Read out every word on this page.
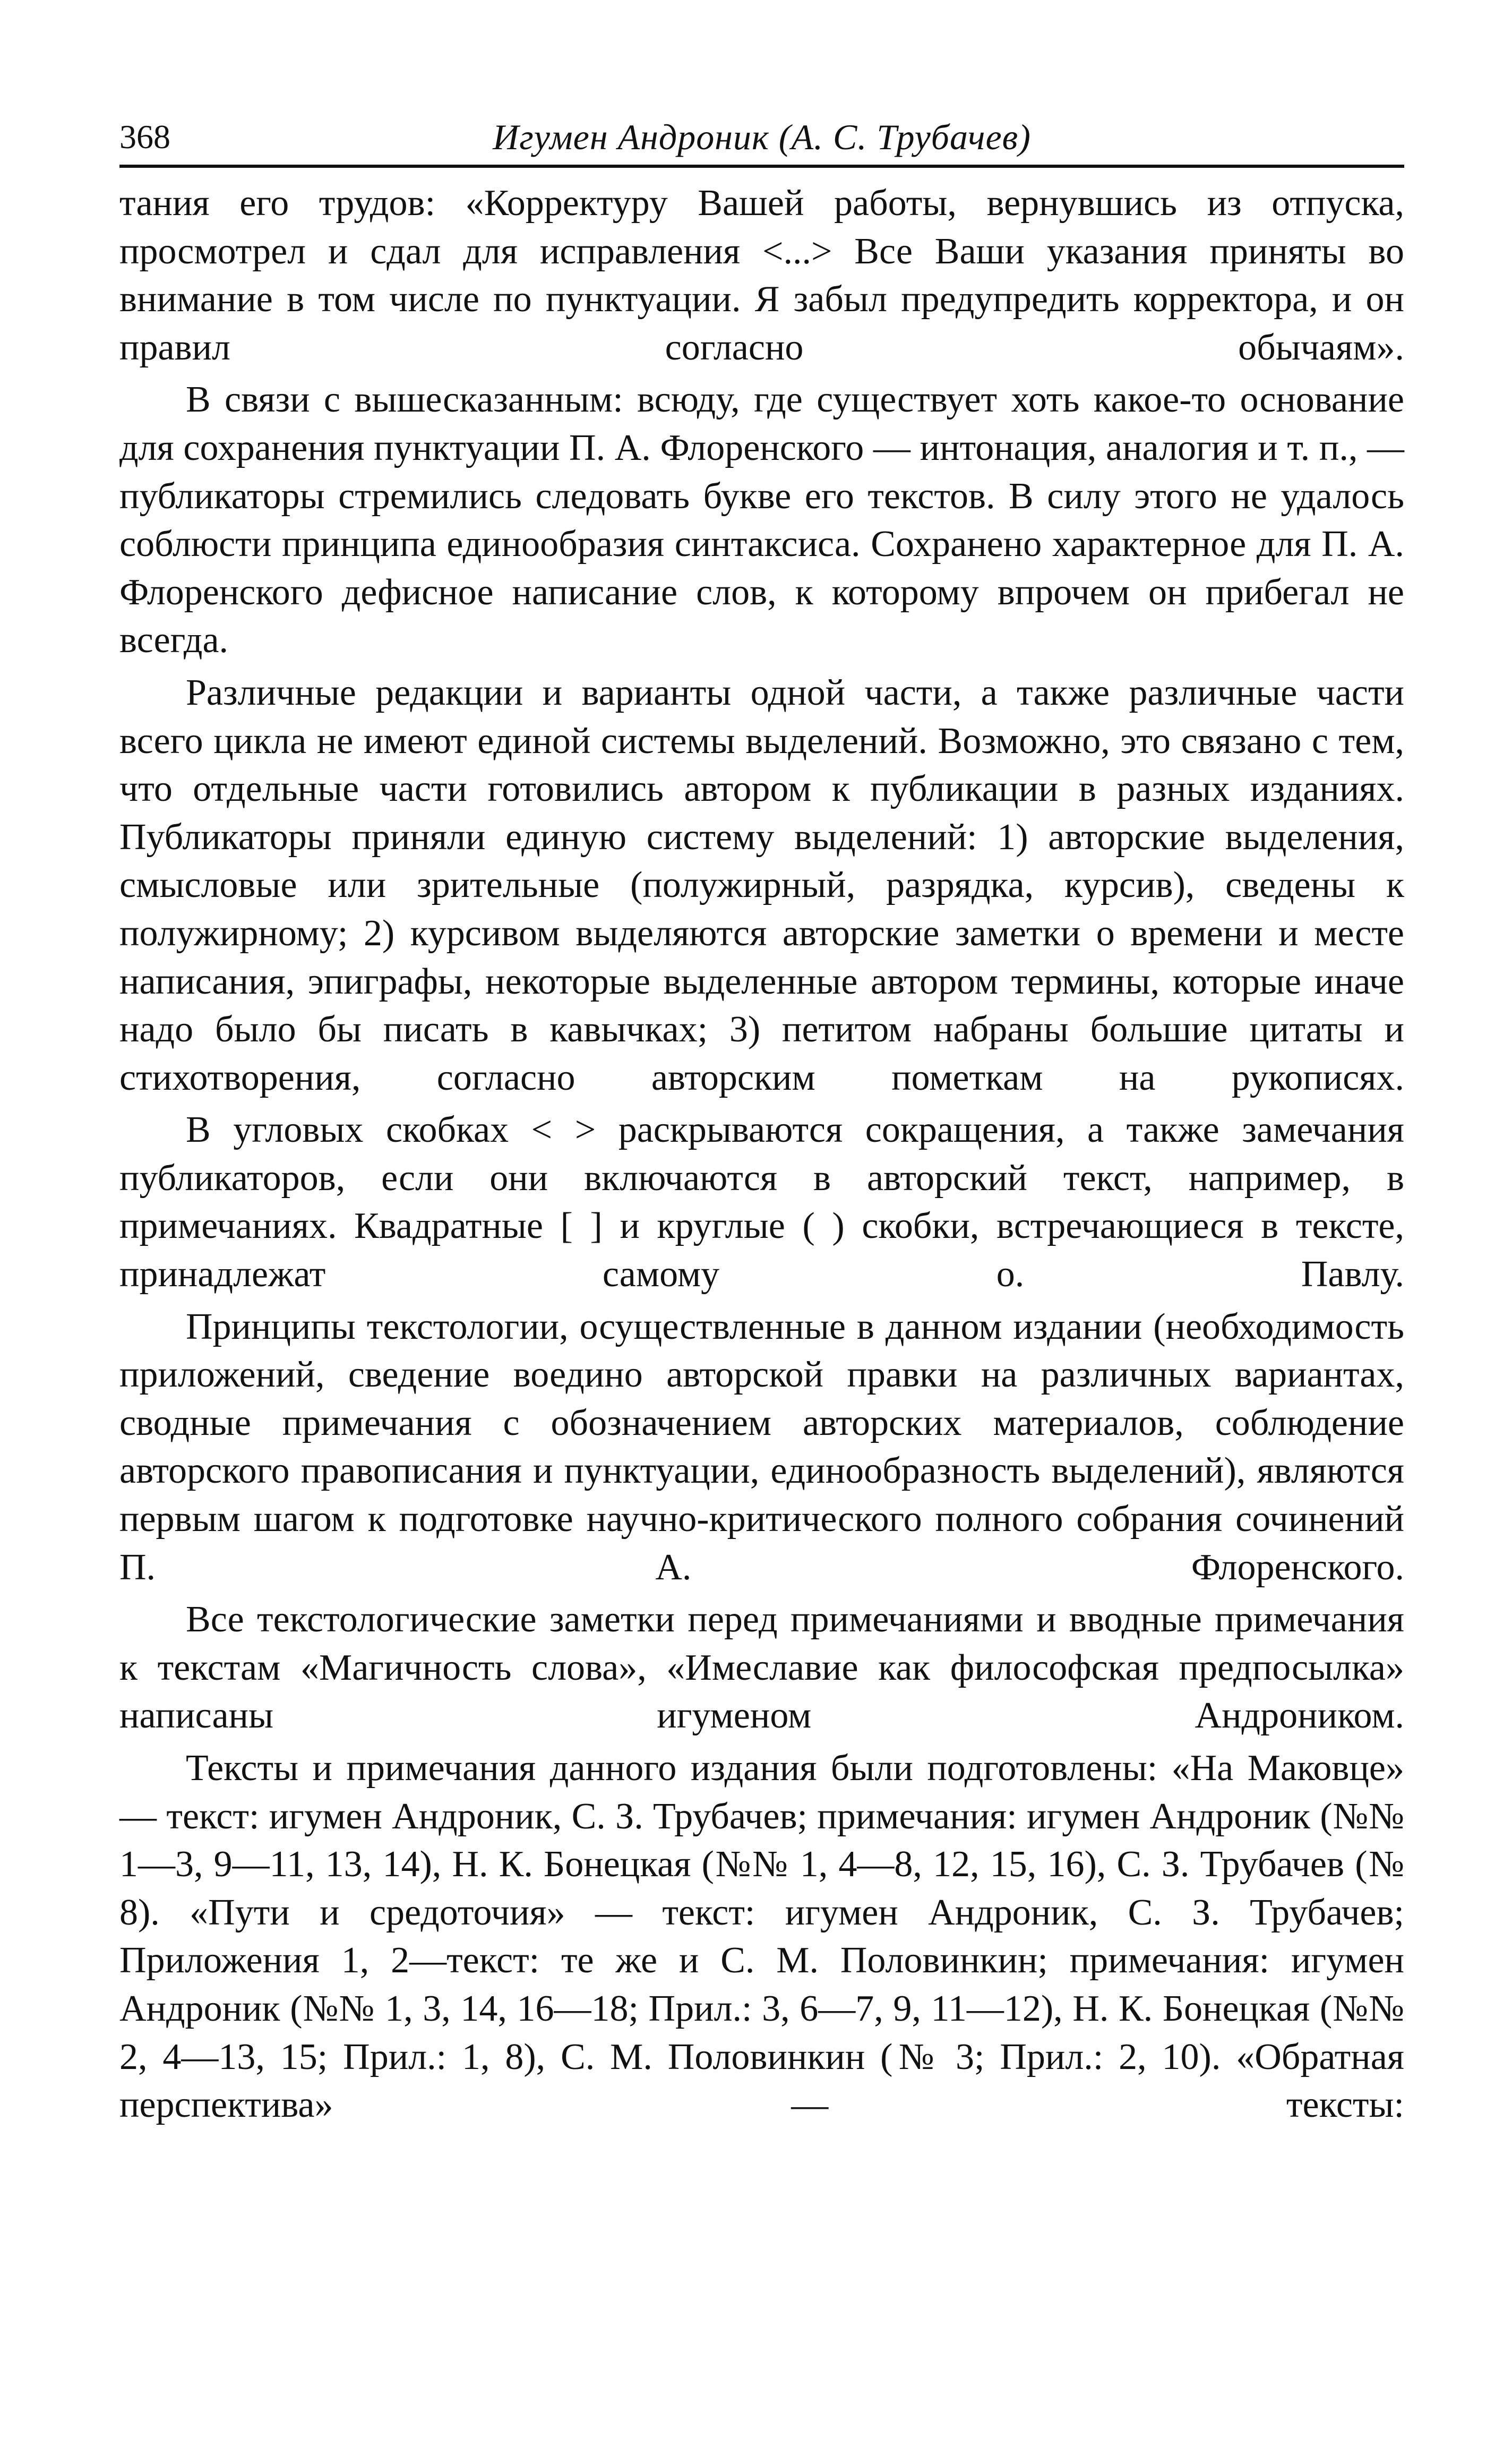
368	Игумен Андроник (А. С. Трубачев)

тания его трудов: «Корректуру Вашей работы, вернувшись из отпуска, просмотрел и сдал для исправления <...> Все Ваши указания приняты во внимание в том числе по пунктуации. Я забыл предупредить корректора, и он правил согласно обычаям».

В связи с вышесказанным: всюду, где существует хоть какое-то основание для сохранения пунктуации П. А. Флоренского — интонация, аналогия и т. п., — публикаторы стремились следовать букве его текстов. В силу этого не удалось соблюсти принципа единообразия синтаксиса. Сохранено характерное для П. А. Флоренского дефисное написание слов, к которому впрочем он прибегал не всегда.

Различные редакции и варианты одной части, а также различные части всего цикла не имеют единой системы выделений. Возможно, это связано с тем, что отдельные части готовились автором к публикации в разных изданиях. Публикаторы приняли единую систему выделений: 1) авторские выделения, смысловые или зрительные (полужирный, разрядка, курсив), сведены к полужирному; 2) курсивом выделяются авторские заметки о времени и месте написания, эпиграфы, некоторые выделенные автором термины, которые иначе надо было бы писать в кавычках; 3) петитом набраны большие цитаты и стихотворения, согласно авторским пометкам на рукописях.

В угловых скобках < > раскрываются сокращения, а также замечания публикаторов, если они включаются в авторский текст, например, в примечаниях. Квадратные [ ] и круглые ( ) скобки, встречающиеся в тексте, принадлежат самому о. Павлу.

Принципы текстологии, осуществленные в данном издании (необходимость приложений, сведение воедино авторской правки на различных вариантах, сводные примечания с обозначением авторских материалов, соблюдение авторского правописания и пунктуации, единообразность выделений), являются первым шагом к подготовке научно-критического полного собрания сочинений П. А. Флоренского.

Все текстологические заметки перед примечаниями и вводные примечания к текстам «Магичность слова», «Имеславие как философская предпосылка» написаны игуменом Андроником.

Тексты и примечания данного издания были подготовлены: «На Маковце» — текст: игумен Андроник, С. З. Трубачев; примечания: игумен Андроник (№№ 1—3, 9—11, 13, 14), Н. К. Бонецкая (№№ 1, 4—8, 12, 15, 16), С. З. Трубачев (№ 8). «Пути и средоточия» — текст: игумен Андроник, С. З. Трубачев; Приложения 1, 2—текст: те же и С. М. Половинкин; примечания: игумен Андроник (№№ 1, 3, 14, 16—18; Прил.: 3, 6—7, 9, 11—12), Н. К. Бонецкая (№№ 2, 4—13, 15; Прил.: 1, 8), С. М. Половинкин (№ 3; Прил.: 2, 10). «Обратная перспектива» — тексты:
